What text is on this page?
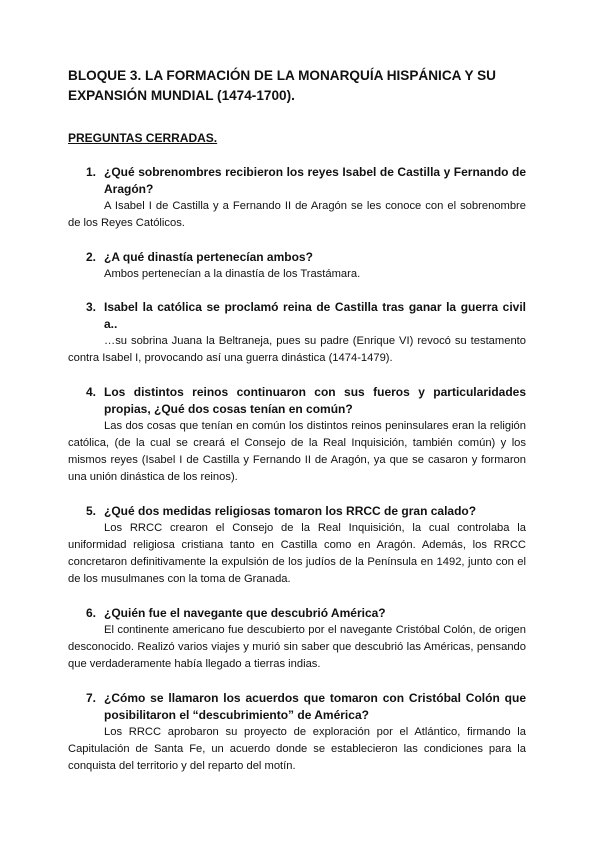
BLOQUE 3. LA FORMACIÓN DE LA MONARQUÍA HISPÁNICA Y SU EXPANSIÓN MUNDIAL (1474-1700).
PREGUNTAS CERRADAS.
1. ¿Qué sobrenombres recibieron los reyes Isabel de Castilla y Fernando de Aragón?

A Isabel I de Castilla y a Fernando II de Aragón se les conoce con el sobrenombre de los Reyes Católicos.

2. ¿A qué dinastía pertenecían ambos?

Ambos pertenecían a la dinastía de los Trastámara.

3. Isabel la católica se proclamó reina de Castilla tras ganar la guerra civil a..

…su sobrina Juana la Beltraneja, pues su padre (Enrique VI) revocó su testamento contra Isabel I, provocando así una guerra dinástica (1474-1479).

4. Los distintos reinos continuaron con sus fueros y particularidades propias, ¿Qué dos cosas tenían en común?

Las dos cosas que tenían en común los distintos reinos peninsulares eran la religión católica, (de la cual se creará el Consejo de la Real Inquisición, también común) y los mismos reyes (Isabel I de Castilla y Fernando II de Aragón, ya que se casaron y formaron una unión dinástica de los reinos).

5. ¿Qué dos medidas religiosas tomaron los RRCC de gran calado?

Los RRCC crearon el Consejo de la Real Inquisición, la cual controlaba la uniformidad religiosa cristiana tanto en Castilla como en Aragón. Además, los RRCC concretaron definitivamente la expulsión de los judíos de la Península en 1492, junto con el de los musulmanes con la toma de Granada.

6. ¿Quién fue el navegante que descubrió América?

El continente americano fue descubierto por el navegante Cristóbal Colón, de origen desconocido. Realizó varios viajes y murió sin saber que descubrió las Américas, pensando que verdaderamente había llegado a tierras indias.

7. ¿Cómo se llamaron los acuerdos que tomaron con Cristóbal Colón que posibilitaron el “descubrimiento” de América?

Los RRCC aprobaron su proyecto de exploración por el Atlántico, firmando la Capitulación de Santa Fe, un acuerdo donde se establecieron las condiciones para la conquista del territorio y del reparto del motín.
